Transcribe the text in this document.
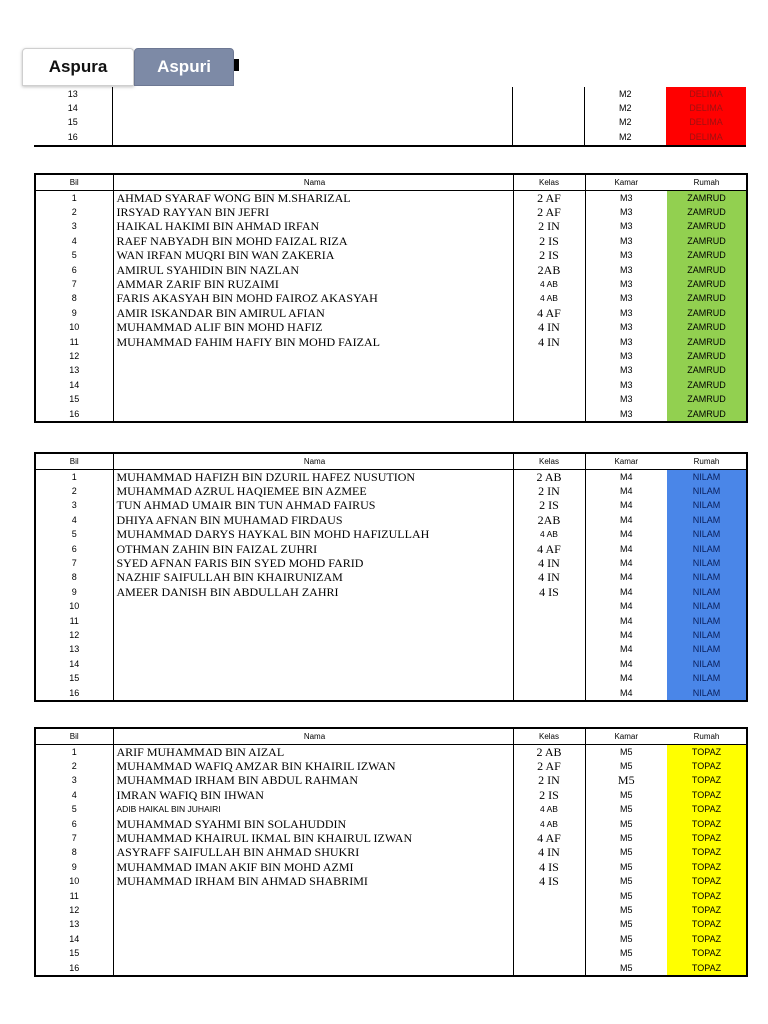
Aspura	Aspuri
13			M2	DELIMA
14			M2	DELIMA
15			M2	DELIMA
16			M2	DELIMA
Bil	Nama	Kelas	Kamar	Rumah
1	AHMAD SYARAF WONG BIN M.SHARIZAL	2 AF	M3	ZAMRUD
2	IRSYAD RAYYAN BIN JEFRI	2 AF	M3	ZAMRUD
3	HAIKAL HAKIMI BIN AHMAD IRFAN	2 IN	M3	ZAMRUD
4	RAEF NABYADH BIN MOHD FAIZAL RIZA	2 IS	M3	ZAMRUD
5	WAN IRFAN MUQRI BIN WAN ZAKERIA	2 IS	M3	ZAMRUD
6	AMIRUL SYAHIDIN BIN NAZLAN	2AB	M3	ZAMRUD
7	AMMAR ZARIF BIN RUZAIMI	4 AB	M3	ZAMRUD
8	FARIS AKASYAH BIN MOHD FAIROZ AKASYAH	4 AB	M3	ZAMRUD
9	AMIR ISKANDAR BIN AMIRUL AFIAN	4 AF	M3	ZAMRUD
10	MUHAMMAD ALIF BIN MOHD HAFIZ	4 IN	M3	ZAMRUD
11	MUHAMMAD FAHIM HAFIY BIN MOHD FAIZAL	4 IN	M3	ZAMRUD
12			M3	ZAMRUD
13			M3	ZAMRUD
14			M3	ZAMRUD
15			M3	ZAMRUD
16			M3	ZAMRUD
Bil	Nama	Kelas	Kamar	Rumah
1	MUHAMMAD HAFIZH BIN DZURIL HAFEZ NUSUTION	2 AB	M4	NILAM
2	MUHAMMAD AZRUL HAQIEMEE BIN AZMEE	2 IN	M4	NILAM
3	TUN AHMAD UMAIR BIN TUN AHMAD FAIRUS	2 IS	M4	NILAM
4	DHIYA AFNAN BIN MUHAMAD FIRDAUS	2AB	M4	NILAM
5	MUHAMMAD DARYS HAYKAL BIN MOHD HAFIZULLAH	4 AB	M4	NILAM
6	OTHMAN ZAHIN BIN FAIZAL ZUHRI	4 AF	M4	NILAM
7	SYED AFNAN FARIS BIN SYED MOHD FARID	4 IN	M4	NILAM
8	NAZHIF SAIFULLAH BIN KHAIRUNIZAM	4 IN	M4	NILAM
9	AMEER DANISH BIN ABDULLAH ZAHRI	4 IS	M4	NILAM
10			M4	NILAM
11			M4	NILAM
12			M4	NILAM
13			M4	NILAM
14			M4	NILAM
15			M4	NILAM
16			M4	NILAM
Bil	Nama	Kelas	Kamar	Rumah
1	ARIF MUHAMMAD BIN AIZAL	2 AB	M5	TOPAZ
2	MUHAMMAD WAFIQ AMZAR BIN KHAIRIL IZWAN	2 AF	M5	TOPAZ
3	MUHAMMAD IRHAM BIN ABDUL RAHMAN	2 IN	M5	TOPAZ
4	IMRAN WAFIQ BIN IHWAN	2 IS	M5	TOPAZ
5	ADIB HAIKAL BIN JUHAIRI	4 AB	M5	TOPAZ
6	MUHAMMAD SYAHMI BIN SOLAHUDDIN	4 AB	M5	TOPAZ
7	MUHAMMAD KHAIRUL IKMAL BIN KHAIRUL IZWAN	4 AF	M5	TOPAZ
8	ASYRAFF SAIFULLAH BIN AHMAD SHUKRI	4 IN	M5	TOPAZ
9	MUHAMMAD IMAN AKIF BIN MOHD AZMI	4 IS	M5	TOPAZ
10	MUHAMMAD IRHAM BIN AHMAD SHABRIMI	4 IS	M5	TOPAZ
11			M5	TOPAZ
12			M5	TOPAZ
13			M5	TOPAZ
14			M5	TOPAZ
15			M5	TOPAZ
16			M5	TOPAZ
